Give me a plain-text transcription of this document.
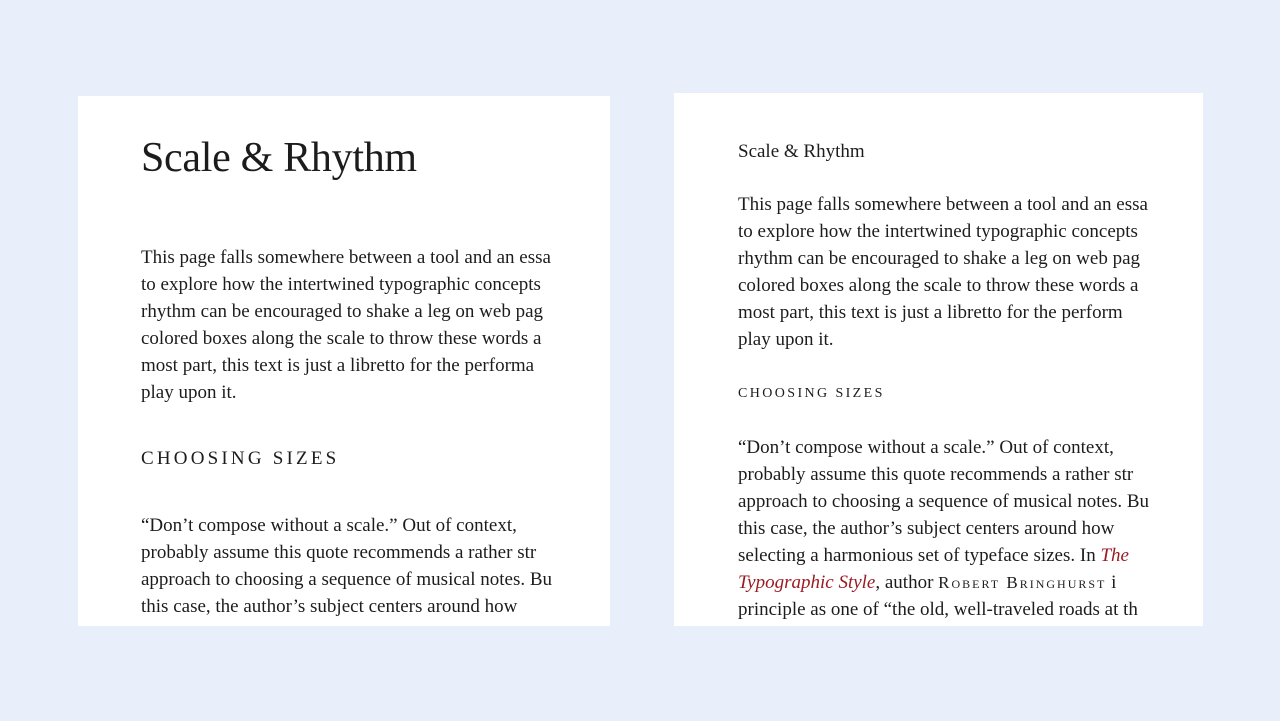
Scale & Rhythm
This page falls somewhere between a tool and an essa
to explore how the intertwined typographic concepts
rhythm can be encouraged to shake a leg on web pag
colored boxes along the scale to throw these words a
most part, this text is just a libretto for the performa
play upon it.
CHOOSING SIZES
“Don’t compose without a scale.” Out of context,
probably assume this quote recommends a rather str
approach to choosing a sequence of musical notes. Bu
this case, the author’s subject centers around how
Scale & Rhythm
This page falls somewhere between a tool and an essa
to explore how the intertwined typographic concepts
rhythm can be encouraged to shake a leg on web pag
colored boxes along the scale to throw these words a
most part, this text is just a libretto for the perform
play upon it.
CHOOSING SIZES
“Don’t compose without a scale.” Out of context,
probably assume this quote recommends a rather str
approach to choosing a sequence of musical notes. Bu
this case, the author’s subject centers around how
selecting a harmonious set of typeface sizes. In The
Typographic Style, author Robert Bringhurst i
principle as one of “the old, well-traveled roads at th
